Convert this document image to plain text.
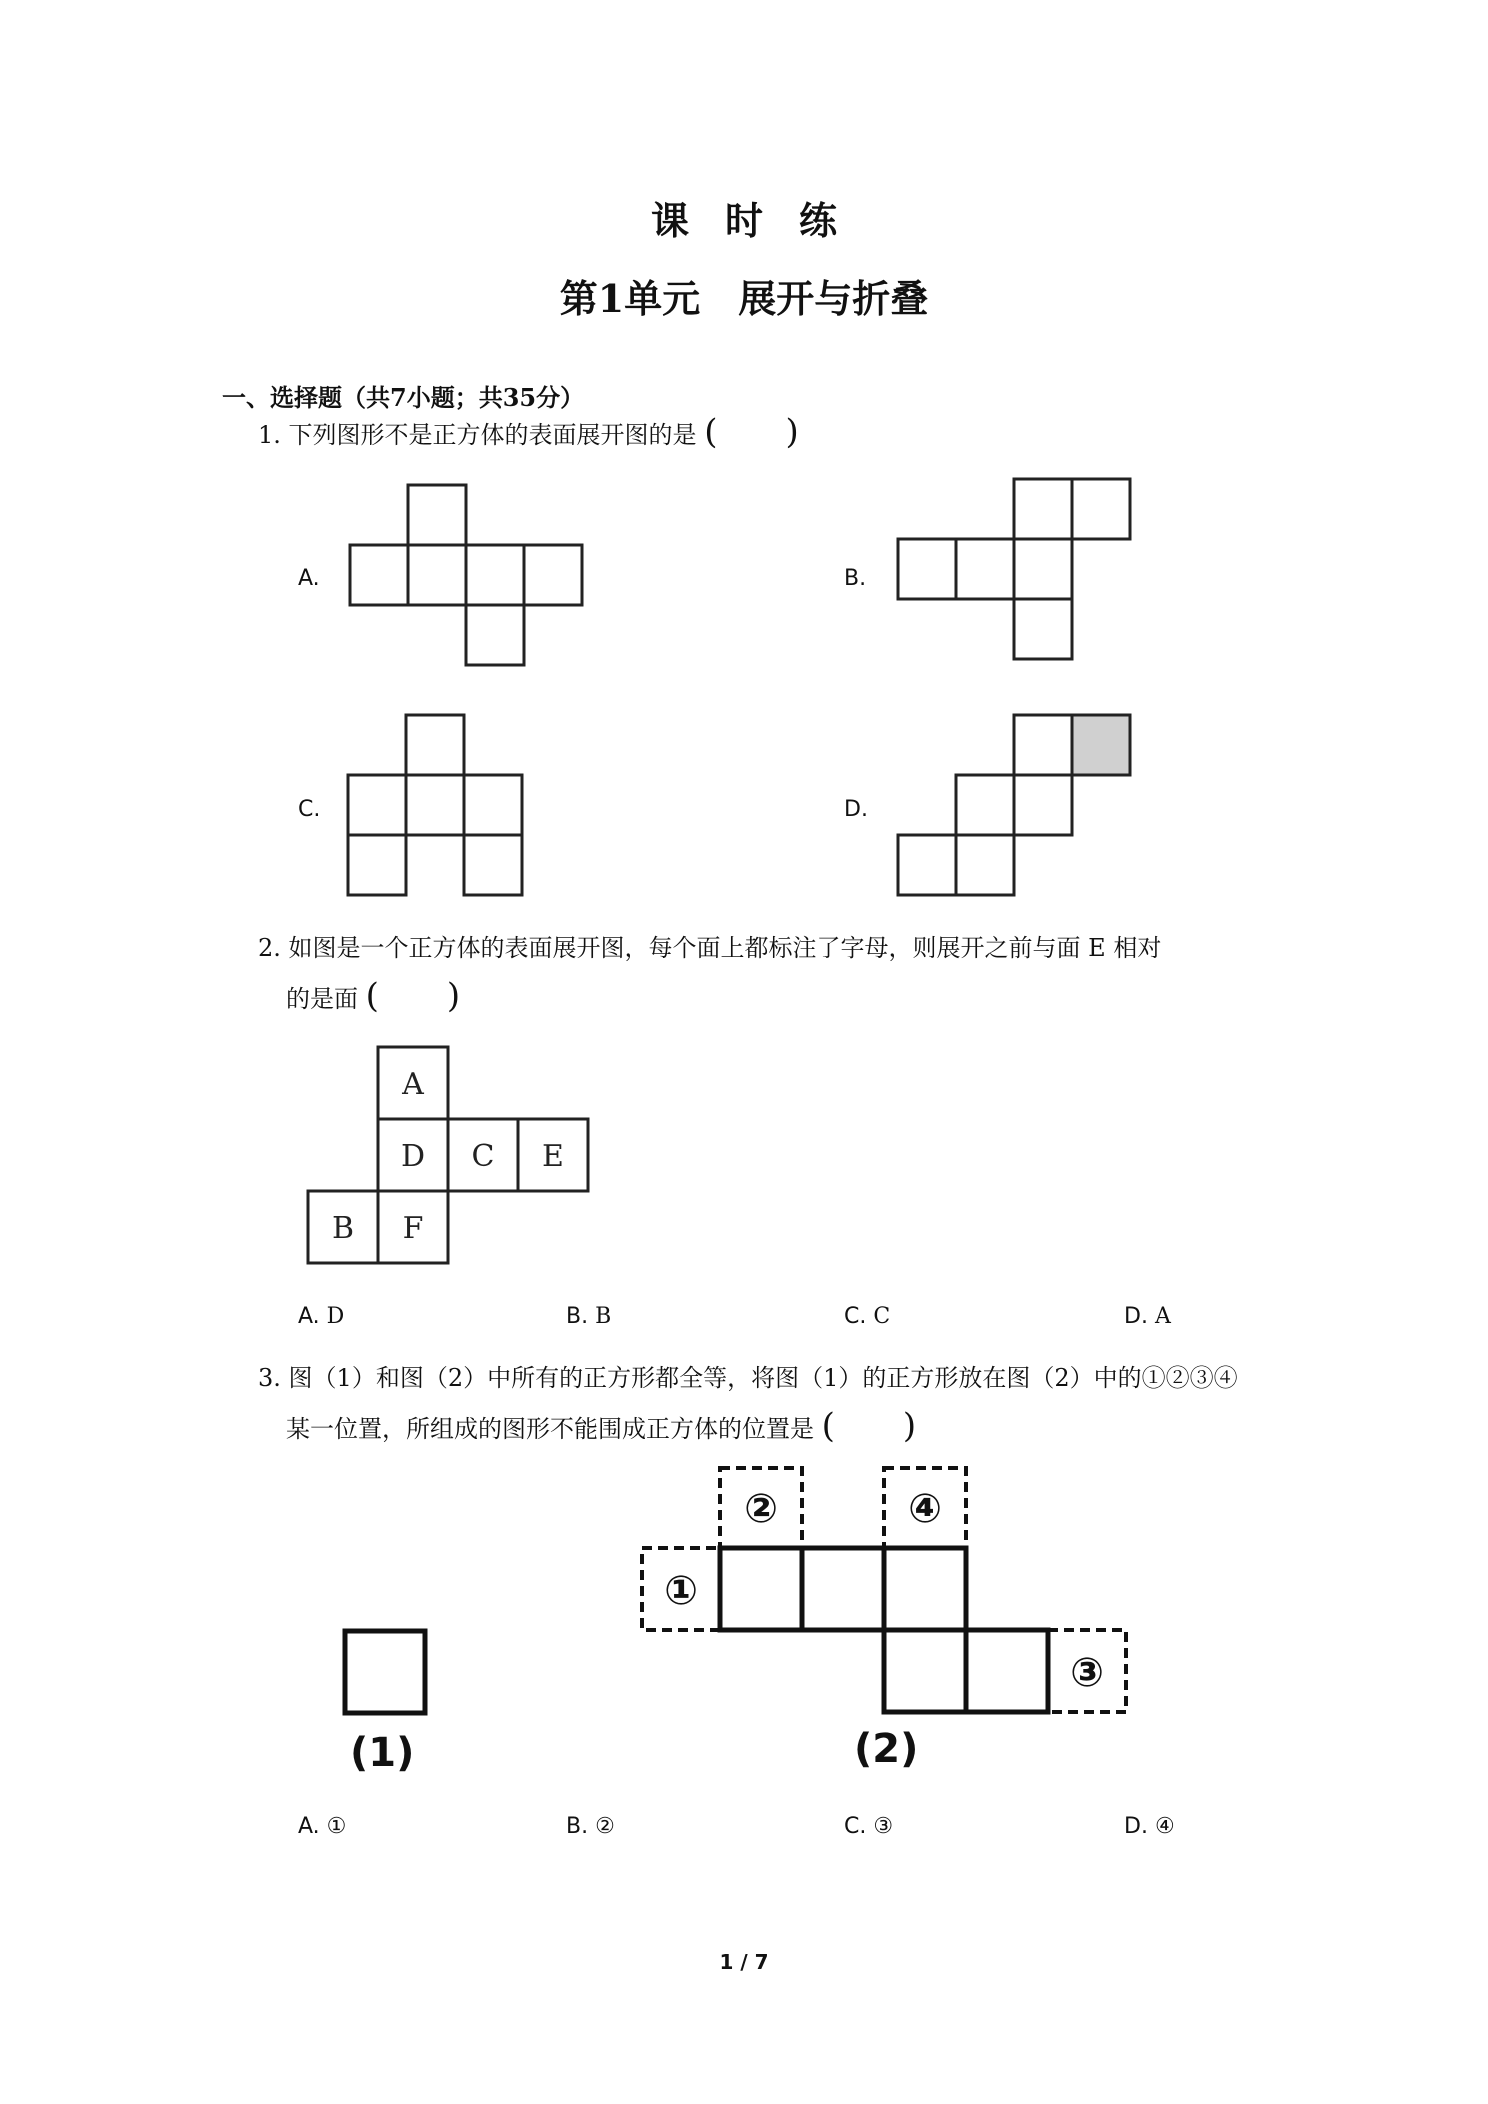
课时练
第1单元　展开与折叠
一、选择题（共7小题；共35分）
1. 下列图形不是正方体的表面展开图的是 (　　)
A.	B.
C.	D.
2. 如图是一个正方体的表面展开图，每个面上都标注了字母，则展开之前与面 E 相对
的是面 (　　)
A
D C E
B F
A. D	B. B	C. C	D. A
3. 图（1）和图（2）中所有的正方形都全等，将图（1）的正方形放在图（2）中的①②③④
某一位置，所组成的图形不能围成正方体的位置是 (　　)
(1)
①
②
③
④
(2)
A. ①	B. ②	C. ③	D. ④
1 / 7
